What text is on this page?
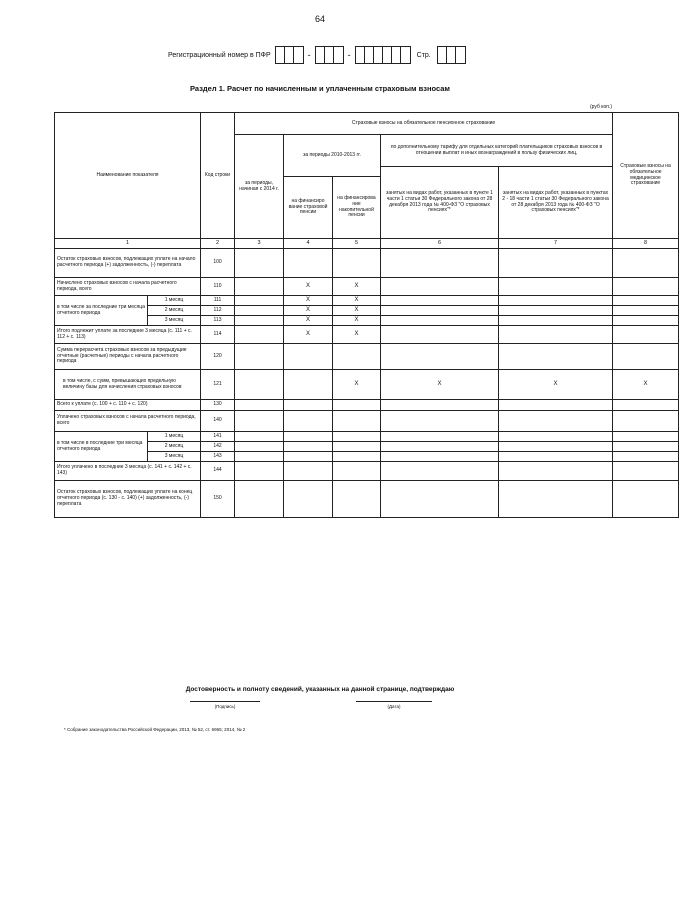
64
Регистрационный номер в ПФР	-	-	Стр.
Раздел 1. Расчет по начисленным и уплаченным страховым взносам
(руб коп.)
Наименование показателя		Код строки	Страховые взносы на обязательное пенсионное страхование					Страховые взносы на обязательное медицинское страхование
			за периоды, начиная с 2014 г.	за периоды 2010-2013 гг.		по дополнительному тарифу для отдельных категорий плательщиков страховых взносов в отношении выплат и иных вознаграждений в пользу физических лиц,		
						занятых на видах работ, указанных в пункте 1 части 1 статьи 30 Федерального закона от 28 декабря 2013 года № 400-ФЗ "О страховых пенсиях"*	занятых на видах работ, указанных в пунктах 2 - 18 части 1 статьи 30 Федерального закона от 28 декабря 2013 года № 400-ФЗ "О страховых пенсиях"*	
				на финансиро вание страховой пенсии	на финансирова ние накопительной пенсии			
1		2	3	4	5	6	7	8
Остаток страховых взносов, подлежащих уплате на начало расчетного периода (+) задолженность, (-) переплата		100						
Начислено страховых взносов с начала расчетного периода, всего		110		X	X			
в том числе за последние три месяца отчетного периода	1 месяц	111		X	X			
	2 месяц	112		X	X			
	3 месяц	113		X	X			
Итого подлежит уплате за последние 3 месяца (с. 111 + с. 112 + с. 113)		114		X	X			
Сумма перерасчета страховых взносов за предыдущие отчетные (расчетные) периоды с начала расчетного периода		120						
в том числе, с сумм, превышающих предельную величину базы для начисления страховых взносов		121			X	X	X	X
Всего к уплате (с. 100 + с. 110 + с. 120)		130						
Уплачено страховых взносов с начала расчетного периода, всего		140						
в том числе в последние три месяца отчетного периода	1 месяц	141						
	2 месяц	142						
	3 месяц	143						
Итого уплачено в последние 3 месяца (с. 141 + с. 142 + с. 143)		144						
Остаток страховых взносов, подлежащих уплате на конец отчетного периода (с. 130 - с. 140) (+) задолженность, (-) переплата		150						
Достоверность и полноту сведений, указанных на данной странице, подтверждаю
(Подпись)	(Дата)
* Собрание законодательства Российской Федерации, 2013, № 52, ст. 6965; 2014, № 2
